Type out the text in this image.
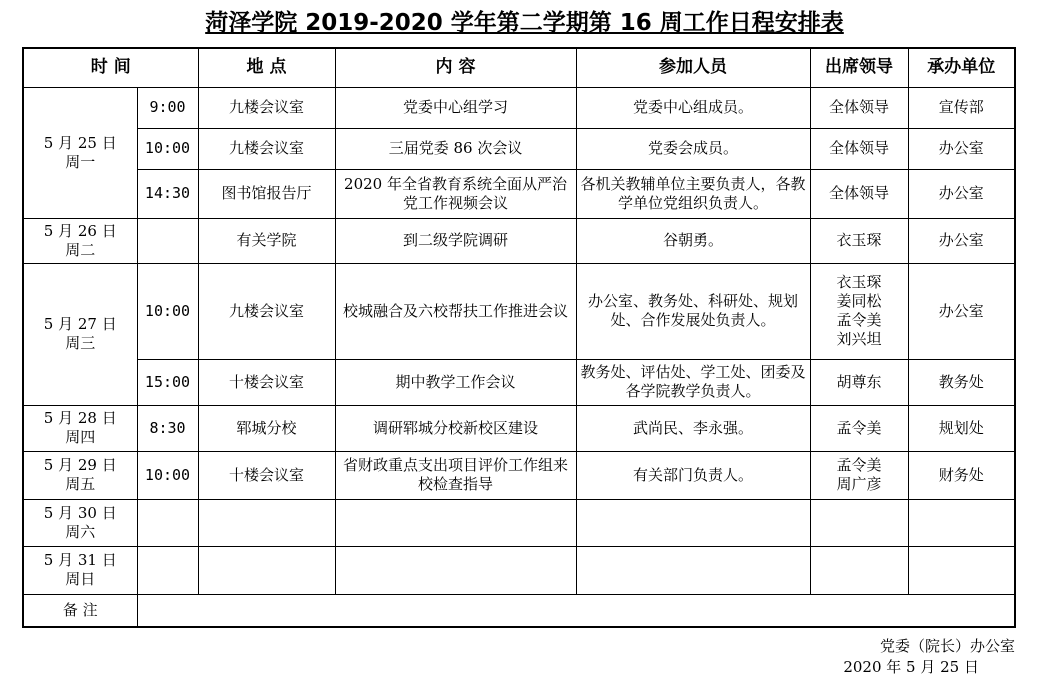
菏泽学院 2019-2020 学年第二学期第 16 周工作日程安排表
时 间		地 点	内 容	参加人员	出席领导	承办单位

5 月 25 日
周一	9:00	九楼会议室	党委中心组学习	党委中心组成员。	全体领导	宣传部
	10:00	九楼会议室	三届党委 86 次会议	党委会成员。	全体领导	办公室
	14:30	图书馆报告厅	2020 年全省教育系统全面从严治党工作视频会议	各机关教辅单位主要负责人，各教学单位党组织负责人。	全体领导	办公室

5 月 26 日
周二		有关学院	到二级学院调研	谷朝勇。	衣玉琛	办公室

5 月 27 日
周三	10:00	九楼会议室	校城融合及六校帮扶工作推进会议	办公室、教务处、科研处、规划处、合作发展处负责人。	衣玉琛
姜同松
孟令美
刘兴坦	办公室
	15:00	十楼会议室	期中教学工作会议	教务处、评估处、学工处、团委及各学院教学负责人。	胡尊东	教务处

5 月 28 日
周四	8:30	郓城分校	调研郓城分校新校区建设	武尚民、李永强。	孟令美	规划处

5 月 29 日
周五	10:00	十楼会议室	省财政重点支出项目评价工作组来校检查指导	有关部门负责人。	孟令美
周广彦	财务处

5 月 30 日
周六						

5 月 31 日
周日						

备 注						
党委（院长）办公室
2020 年 5 月 25 日
